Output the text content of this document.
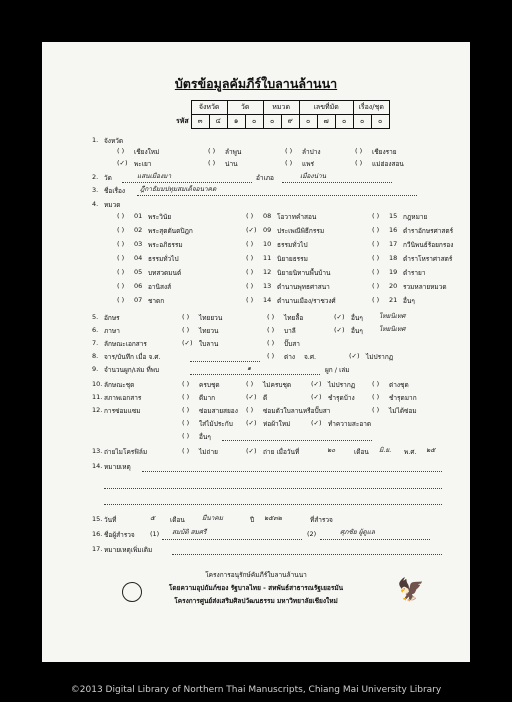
บัตรข้อมูลคัมภีร์ใบลานล้านนา
	จังหวัด		วัด		หมวด		เลขที่มัด			เรื่อง/ชุด	
รหัส	๓	๔	๑	๐	๐	๙	๐	๗	๐	๐	๐
1. จังหวัด
( ) เชียงใหม่	( ) ลำพูน	( ) ลำปาง	( ) เชียงราย
(✓) พะเยา	( ) น่าน	( ) แพร่	( ) แม่ฮ่องสอน
2. วัด	แสนเมืองมา	อำเภอ	เมืองน่าน
3. ชื่อเรื่อง ฎีกาธัมมปทุมสมเด็จอนาคต
4. หมวด
( ) 01 พระวินัย
( ) 02 พระสุตตันตปิฎก
( ) 03 พระอภิธรรม
( ) 04 ธรรมทั่วไป
( ) 05 บทสวดมนต์
( ) 06 อานิสงส์
( ) 07 ชาดก
( ) 08 โอวาทคำสอน
(✓) 09 ประเพณีพิธีกรรม
( ) 10 ธรรมทั่วไป
( ) 11 นิยายธรรม
( ) 12 นิยายนิทานพื้นบ้าน
( ) 13 ตำนานพุทธศาสนา
( ) 14 ตำนานเมือง/ราชวงศ์
( ) 15 กฎหมาย
( ) 16 ตำราอักษรศาสตร์
( ) 17 กวีนิพนธ์ร้อยกรอง
( ) 18 ตำราโหราศาสตร์
( ) 19 ตำรายา
( ) 20 รวมหลายหมวด
( ) 21 อื่นๆ
5. อักษร	( ) ไทยยวน	( ) ไทยลื้อ	(✓) อื่นๆ ไทยนิเทศ
6. ภาษา	( ) ไทยวน	( ) บาลี	(✓) อื่นๆ ไทยนิเทศ
7. ลักษณะเอกสาร	(✓) ใบลาน	( ) ปั๊บสา
8. จาร/บันทึก เมื่อ จ.ศ.	( ) ต่าง จ.ศ.	(✓) ไม่ปรากฏ
9. จำนวนผูก/เล่ม ที่พบ	๑	ผูก / เล่ม
10. ลักษณะชุด	( ) ครบชุด	( ) ไม่ครบชุด	(✓) ไม่ปรากฏ	( ) ต่างชุด
11. สภาพเอกสาร	( ) ดีมาก	(✓) ดี	(✓) ชำรุดบ้าง	( ) ชำรุดมาก
12. การซ่อมแซม	( ) ซ่อมสายสยอง ( ) ซ่อมตัวใบลานหรือปั๊บสา	( ) ไม่ได้ซ่อม
( ) ใส่ไม้ประกับ (✓) ห่อผ้าใหม่	(✓) ทำความสะอาด
( ) อื่นๆ
13. ถ่ายไมโครฟิล์ม	( ) ไม่ถ่าย	(✓) ถ่าย เมื่อวันที่	๒๐	เดือน มิ.ย. พ.ศ. ๒๕
14. หมายเหตุ
15. วันที่	๕ เดือน	มีนาคม	ปี ๒๕๓๒	ที่สำรวจ
16. ชื่อผู้สำรวจ (1) สมบัติ สมศรี	(2)	ศุภชัย ผู้ดูแล
17. หมายเหตุเพิ่มเติม
โครงการอนุรักษ์คัมภีร์ใบลานล้านนา
โดยความอุปถัมภ์ของ รัฐบาลไทย - สหพันธ์สาธารณรัฐเยอรมัน
โครงการศูนย์ส่งเสริมศิลปวัฒนธรรม มหาวิทยาลัยเชียงใหม่	🦅
©2013 Digital Library of Northern Thai Manuscripts, Chiang Mai University Library
